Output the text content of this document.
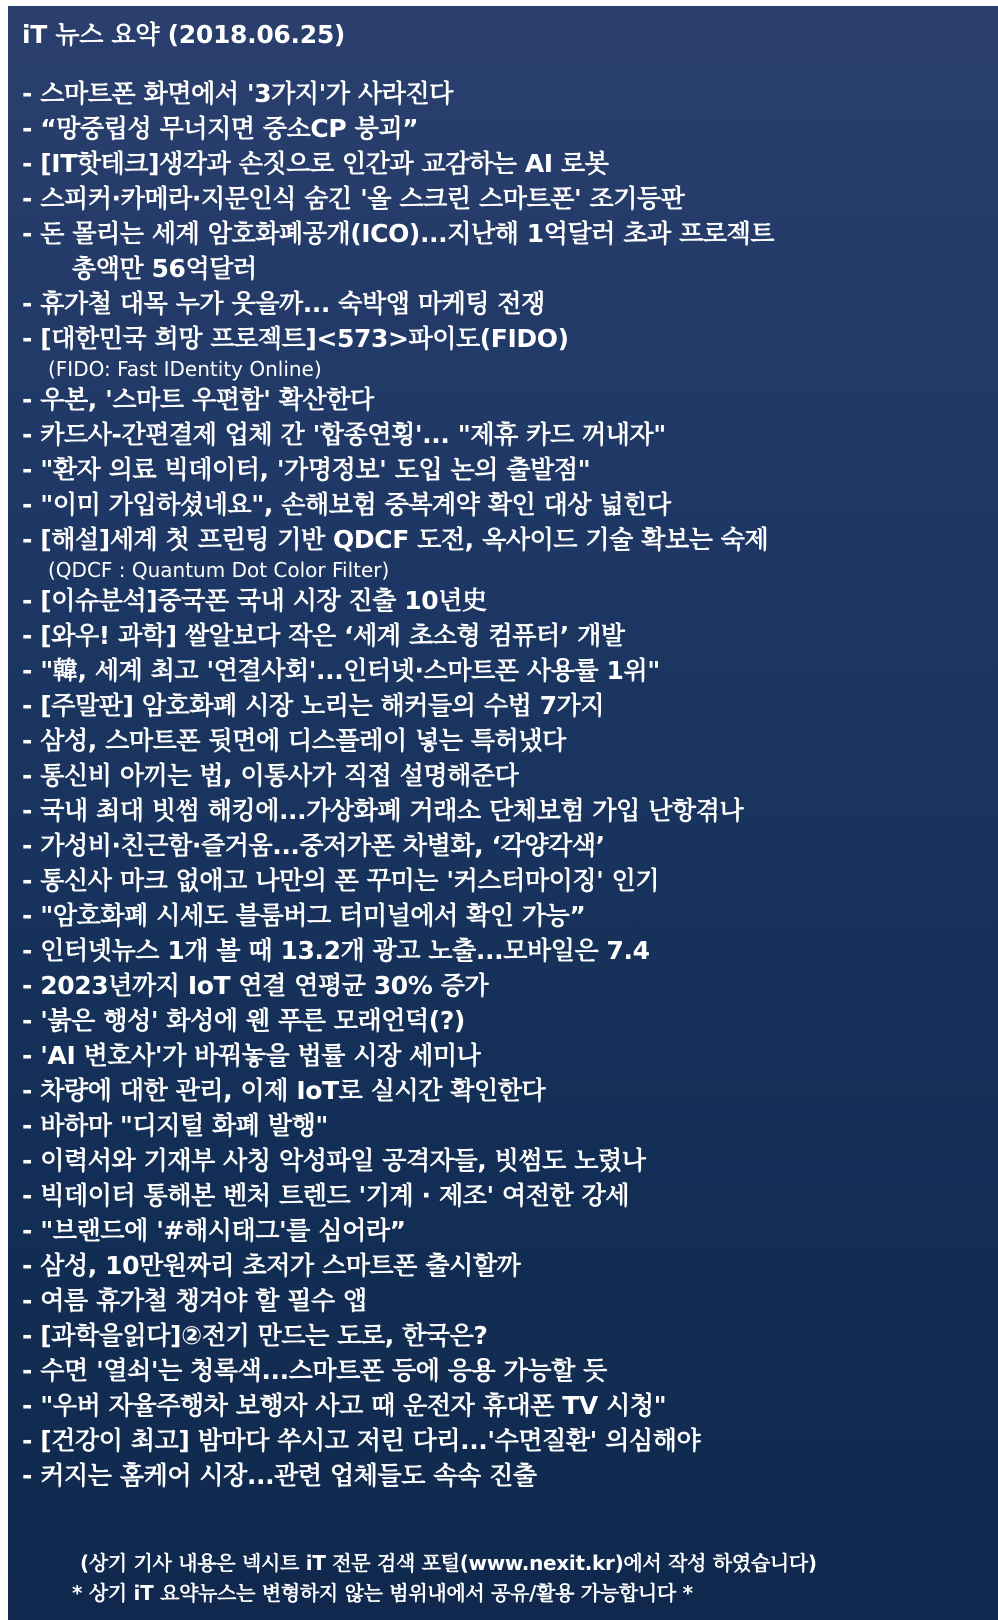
iT 뉴스 요약 (2018.06.25)
- 스마트폰 화면에서 '3가지'가 사라진다
- “망중립성 무너지면 중소CP 붕괴”
- [IT핫테크]생각과 손짓으로 인간과 교감하는 AI 로봇
- 스피커·카메라·지문인식 숨긴 '올 스크린 스마트폰' 조기등판
- 돈 몰리는 세계 암호화폐공개(ICO)...지난해 1억달러 초과 프로젝트
총액만 56억달러
- 휴가철 대목 누가 웃을까... 숙박앱 마케팅 전쟁
- [대한민국 희망 프로젝트]<573>파이도(FIDO)
(FIDO: Fast IDentity Online)
- 우본, '스마트 우편함' 확산한다
- 카드사-간편결제 업체 간 '합종연횡'... "제휴 카드 꺼내자"
- "환자 의료 빅데이터, '가명정보' 도입 논의 출발점"
- "이미 가입하셨네요", 손해보험 중복계약 확인 대상 넓힌다
- [해설]세계 첫 프린팅 기반 QDCF 도전, 옥사이드 기술 확보는 숙제
(QDCF : Quantum Dot Color Filter)
- [이슈분석]중국폰 국내 시장 진출 10년史
- [와우! 과학] 쌀알보다 작은 ‘세계 초소형 컴퓨터’ 개발
- "韓, 세계 최고 '연결사회'...인터넷·스마트폰 사용률 1위"
- [주말판] 암호화폐 시장 노리는 해커들의 수법 7가지
- 삼성, 스마트폰 뒷면에 디스플레이 넣는 특허냈다
- 통신비 아끼는 법, 이통사가 직접 설명해준다
- 국내 최대 빗썸 해킹에...가상화폐 거래소 단체보험 가입 난항겪나
- 가성비·친근함·즐거움...중저가폰 차별화, ‘각양각색’
- 통신사 마크 없애고 나만의 폰 꾸미는 '커스터마이징' 인기
- "암호화폐 시세도 블룸버그 터미널에서 확인 가능”
- 인터넷뉴스 1개 볼 때 13.2개 광고 노출...모바일은 7.4
- 2023년까지 IoT 연결 연평균 30% 증가
- '붉은 행성' 화성에 웬 푸른 모래언덕(?)
- 'AI 변호사'가 바꿔놓을 법률 시장 세미나
- 차량에 대한 관리, 이제 IoT로 실시간 확인한다
- 바하마 "디지털 화폐 발행"
- 이력서와 기재부 사칭 악성파일 공격자들, 빗썸도 노렸나
- 빅데이터 통해본 벤처 트렌드 '기계 · 제조' 여전한 강세
- "브랜드에 '#해시태그'를 심어라”
- 삼성, 10만원짜리 초저가 스마트폰 출시할까
- 여름 휴가철 챙겨야 할 필수 앱
- [과학을읽다]②전기 만드는 도로, 한국은?
- 수면 '열쇠'는 청록색...스마트폰 등에 응용 가능할 듯
- "우버 자율주행차 보행자 사고 때 운전자 휴대폰 TV 시청"
- [건강이 최고] 밤마다 쑤시고 저린 다리...'수면질환' 의심해야
- 커지는 홈케어 시장...관련 업체들도 속속 진출
(상기 기사 내용은 넥시트 iT 전문 검색 포털(www.nexit.kr)에서 작성 하였습니다)
* 상기 iT 요약뉴스는 변형하지 않는 범위내에서 공유/활용 가능합니다 *
